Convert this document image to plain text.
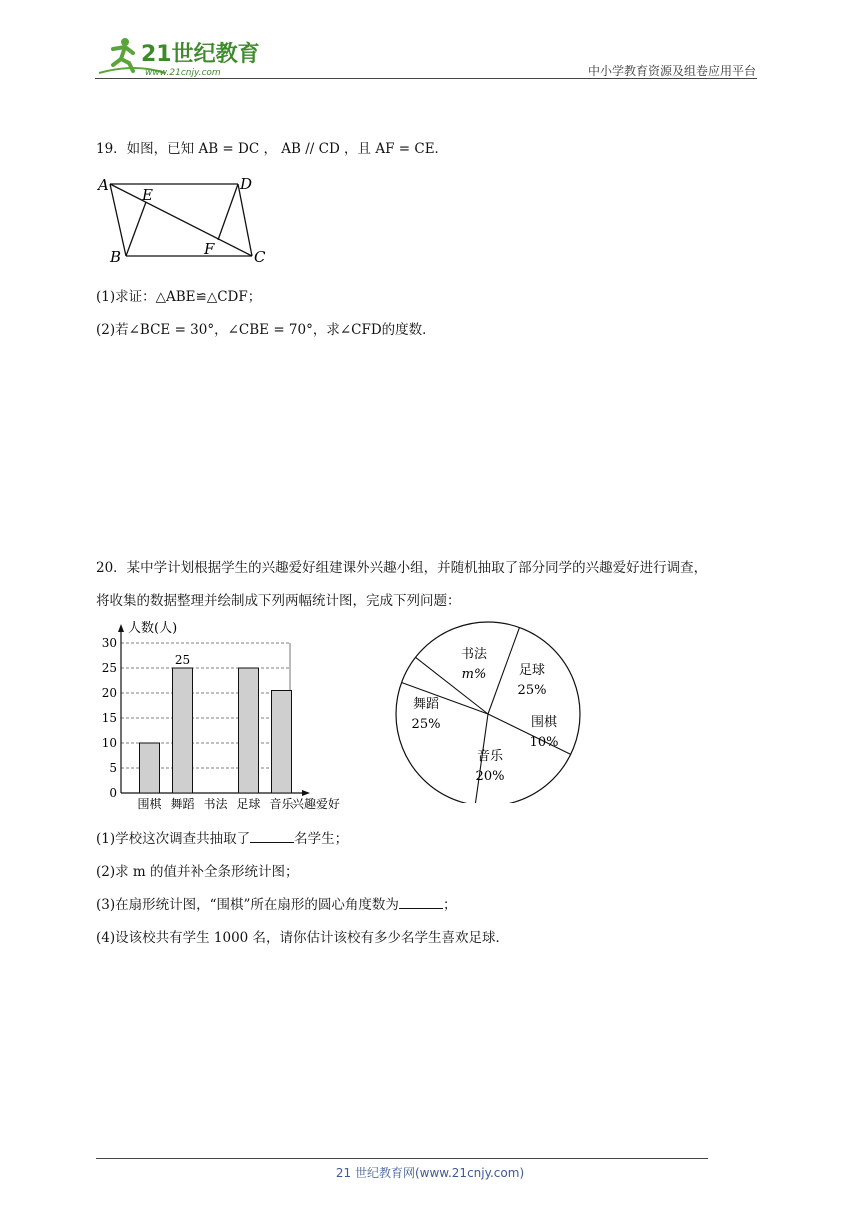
21世纪教育
www.21cnjy.com	中小学教育资源及组卷应用平台
19．如图，已知 AB = DC ， AB // CD ，且 AF = CE．
A
E
D
B	F	C
(1)求证：△ABE≌△CDF；
(2)若∠BCE = 30°，∠CBE = 70°，求∠CFD的度数．
20．某中学计划根据学生的兴趣爱好组建课外兴趣小组，并随机抽取了部分同学的兴趣爱好进行调查，
将收集的数据整理并绘制成下列两幅统计图，完成下列问题：
人数(人)
兴趣爱好
0
5
10
15
20
25
30
围棋
25
舞蹈 书法 足球 音乐
书法
m%	足球
25%
围棋
10%
音乐
20%
舞蹈
25%
(1)学校这次调查共抽取了	名学生；
(2)求 m 的值并补全条形统计图；
(3)在扇形统计图，“围棋”所在扇形的圆心角度数为	；
(4)设该校共有学生 1000 名，请你估计该校有多少名学生喜欢足球．
21 世纪教育网(www.21cnjy.com)
